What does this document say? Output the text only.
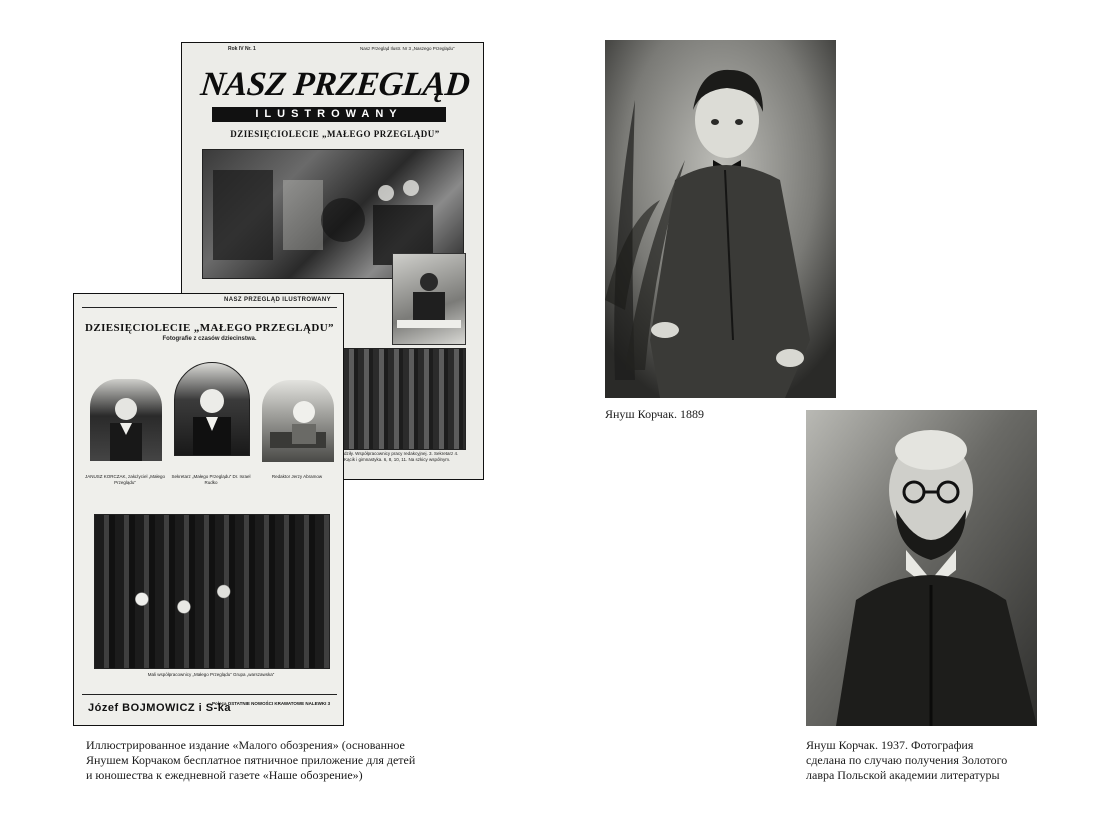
Rok IV Nr. 1	Nasz Przegląd Ilustr. Nr 3 „Naszego Przeglądu”
NASZ PRZEGLĄD
ILUSTROWANY
DZIESIĘCIOLECIE „MAŁEGO PRZEGLĄDU”
dziły. Współpracownicy pracy redakcyjnej. 3. Sekretarz 4. Kącik i gimnastyka. 6, 8, 10, 11. Na szkicy wspólnym.
NASZ PRZEGLĄD ILUSTROWANY
DZIESIĘCIOLECIE „MAŁEGO PRZEGLĄDU”
Fotografie z czasów dziecinstwa.
JANUSZ KORCZAK, założyciel „Małego Przeglądu”
Sekretarz „Małego Przeglądu” Dr. Israel Rudko
Redaktor Jerzy Abramow
Mali współpracownicy „Małego Przeglądu” Grupa „warszawska”
Józef BOJMOWICZ i S-ka
Poleca OSTATNIE NOWOŚCI KRAWATOWE NALEWKI 3
Иллюстрированное издание «Малого обозрения» (основанное
Янушем Корчаком бесплатное пятничное приложение для детей
и юношества к ежедневной газете «Наше обозрение»)
Януш Корчак. 1889
Януш Корчак. 1937. Фотография
сделана по случаю получения Золотого
лавра Польской академии литературы
